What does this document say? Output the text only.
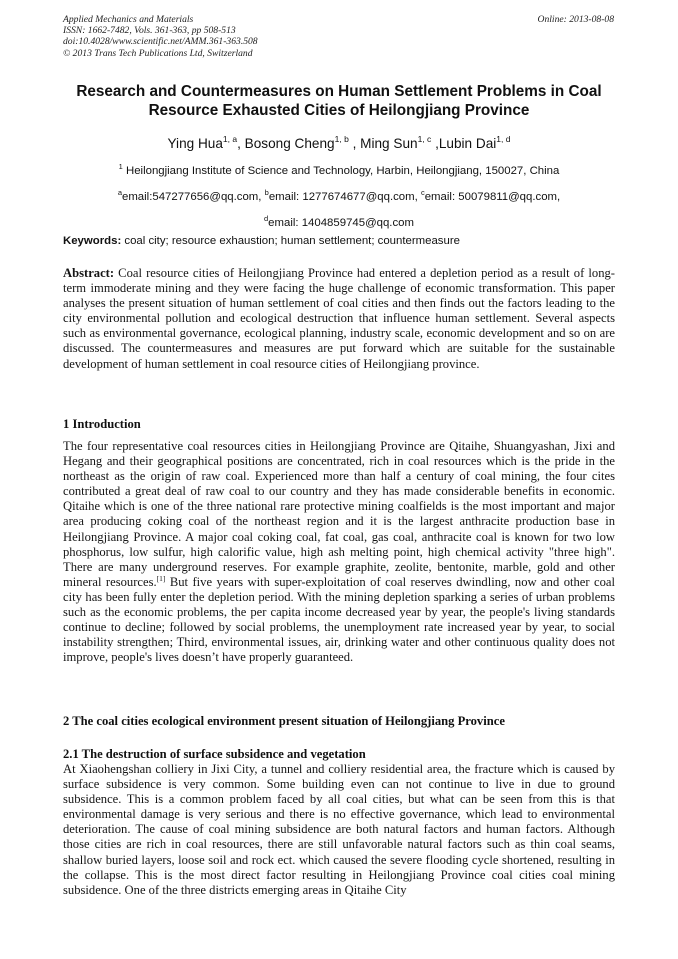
Applied Mechanics and Materials
ISSN: 1662-7482, Vols. 361-363, pp 508-513
doi:10.4028/www.scientific.net/AMM.361-363.508
© 2013 Trans Tech Publications Ltd, Switzerland
Online: 2013-08-08
Research and Countermeasures on Human Settlement Problems in Coal
Resource Exhausted Cities of Heilongjiang Province
Ying Hua$^{1, a}$, Bosong Cheng$^{1, b}$ , Ming Sun$^{1, c}$ ,Lubin Dai$^{1, d}$
$^1$ Heilongjiang Institute of Science and Technology, Harbin, Heilongjiang, 150027, China
$^a$email:547277656@qq.com, $^b$email: 1277674677@qq.com, $^c$email: 50079811@qq.com,
$^d$email: 1404859745@qq.com
Keywords: coal city; resource exhaustion; human settlement; countermeasure
Abstract: Coal resource cities of Heilongjiang Province had entered a depletion period as a result of long-term immoderate mining and they were facing the huge challenge of economic transformation. This paper analyses the present situation of human settlement of coal cities and then finds out the factors leading to the city environmental pollution and ecological destruction that influence human settlement. Several aspects such as environmental governance, ecological planning, industry scale, economic development and so on are discussed. The countermeasures and measures are put forward which are suitable for the sustainable development of human settlement in coal resource cities of Heilongjiang province.
1 Introduction
The four representative coal resources cities in Heilongjiang Province are Qitaihe, Shuangyashan, Jixi and Hegang and their geographical positions are concentrated, rich in coal resources which is the pride in the northeast as the origin of raw coal. Experienced more than half a century of coal mining, the four cites contributed a great deal of raw coal to our country and they has made considerable benefits in economic. Qitaihe which is one of the three national rare protective mining coalfields is the most important and major area producing coking coal of the northeast region and it is the largest anthracite production base in Heilongjiang Province. A major coal coking coal, fat coal, gas coal, anthracite coal is known for two low phosphorus, low sulfur, high calorific value, high ash melting point, high chemical activity "three high". There are many underground reserves. For example graphite, zeolite, bentonite, marble, gold and other mineral resources.[1] But five years with super-exploitation of coal reserves dwindling, now and other coal city has been fully enter the depletion period. With the mining depletion sparking a series of urban problems such as the economic problems, the per capita income decreased year by year, the people's living standards continue to decline; followed by social problems, the unemployment rate increased year by year, to social instability strengthen; Third, environmental issues, air, drinking water and other continuous quality does not improve, people's lives doesn’t have properly guaranteed.
2 The coal cities ecological environment present situation of Heilongjiang Province
2.1 The destruction of surface subsidence and vegetation
At Xiaohengshan colliery in Jixi City, a tunnel and colliery residential area, the fracture which is caused by surface subsidence is very common. Some building even can not continue to live in due to ground subsidence. This is a common problem faced by all coal cities, but what can be seen from this is that environmental damage is very serious and there is no effective governance, which lead to environmental deterioration. The cause of coal mining subsidence are both natural factors and human factors. Although those cities are rich in coal resources, there are still unfavorable natural factors such as thin coal seams, shallow buried layers, loose soil and rock ect. which caused the severe flooding cycle shortened, resulting in the collapse. This is the most direct factor resulting in Heilongjiang Province coal cities coal mining subsidence. One of the three districts emerging areas in Qitaihe City
